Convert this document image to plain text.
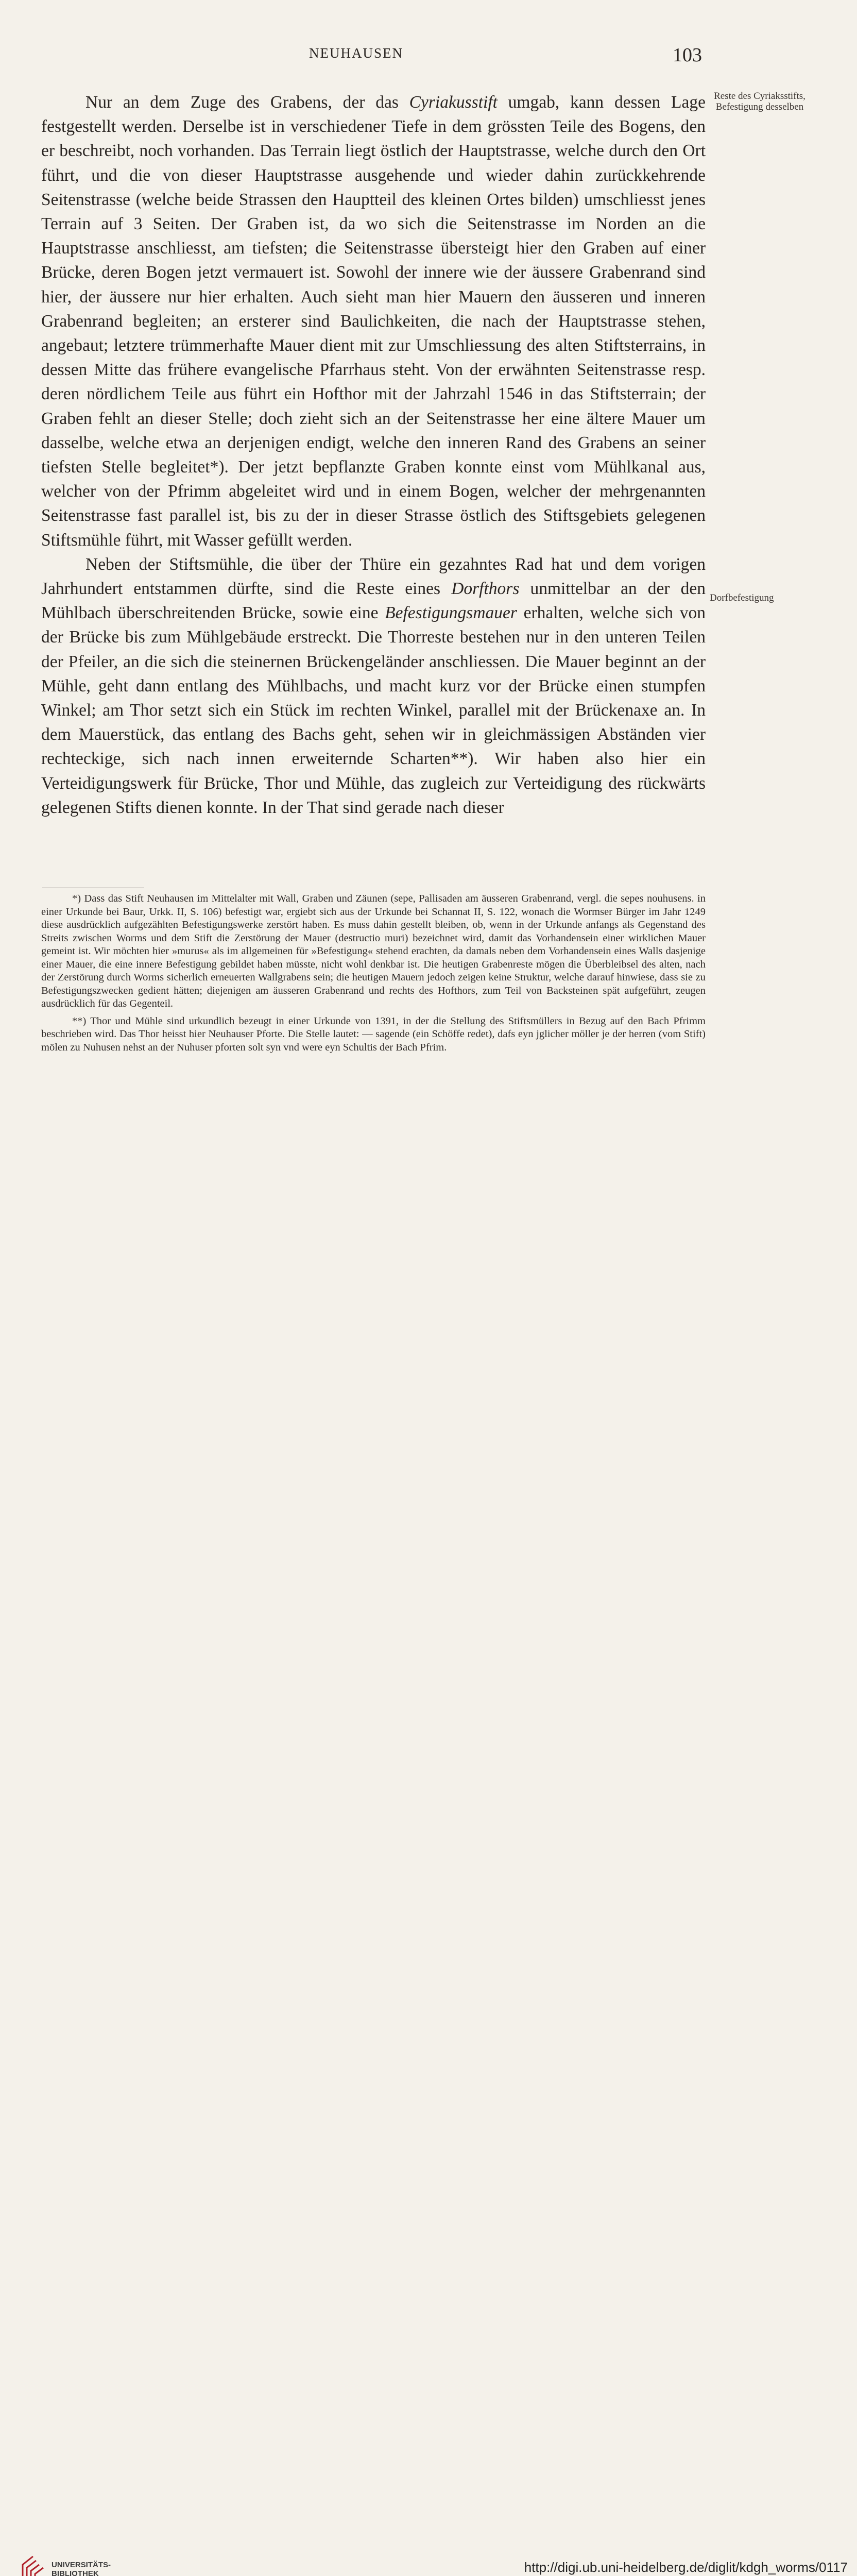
NEUHAUSEN	103
Reste des Cyriaksstifts, Befestigung desselben
Dorfbefestigung

Nur an dem Zuge des Grabens, der das Cyriakusstift umgab, kann dessen Lage festgestellt werden. Derselbe ist in verschiedener Tiefe in dem grössten Teile des Bogens, den er beschreibt, noch vorhanden. Das Terrain liegt östlich der Hauptstrasse, welche durch den Ort führt, und die von dieser Hauptstrasse ausgehende und wieder dahin zurückkehrende Seitenstrasse (welche beide Strassen den Hauptteil des kleinen Ortes bilden) umschliesst jenes Terrain auf 3 Seiten. Der Graben ist, da wo sich die Seitenstrasse im Norden an die Hauptstrasse anschliesst, am tiefsten; die Seitenstrasse übersteigt hier den Graben auf einer Brücke, deren Bogen jetzt vermauert ist. Sowohl der innere wie der äussere Grabenrand sind hier, der äussere nur hier erhalten. Auch sieht man hier Mauern den äusseren und inneren Grabenrand begleiten; an ersterer sind Baulichkeiten, die nach der Hauptstrasse stehen, angebaut; letztere trümmerhafte Mauer dient mit zur Umschliessung des alten Stiftsterrains, in dessen Mitte das frühere evangelische Pfarrhaus steht. Von der erwähnten Seitenstrasse resp. deren nördlichem Teile aus führt ein Hofthor mit der Jahrzahl 1546 in das Stiftsterrain; der Graben fehlt an dieser Stelle; doch zieht sich an der Seitenstrasse her eine ältere Mauer um dasselbe, welche etwa an derjenigen endigt, welche den inneren Rand des Grabens an seiner tiefsten Stelle begleitet*). Der jetzt bepflanzte Graben konnte einst vom Mühlkanal aus, welcher von der Pfrimm abgeleitet wird und in einem Bogen, welcher der mehrgenannten Seitenstrasse fast parallel ist, bis zu der in dieser Strasse östlich des Stiftsgebiets gelegenen Stiftsmühle führt, mit Wasser gefüllt werden.

Neben der Stiftsmühle, die über der Thüre ein gezahntes Rad hat und dem vorigen Jahrhundert entstammen dürfte, sind die Reste eines Dorfthors unmittelbar an der den Mühlbach überschreitenden Brücke, sowie eine Befestigungsmauer erhalten, welche sich von der Brücke bis zum Mühlgebäude erstreckt. Die Thorreste bestehen nur in den unteren Teilen der Pfeiler, an die sich die steinernen Brückengeländer anschliessen. Die Mauer beginnt an der Mühle, geht dann entlang des Mühlbachs, und macht kurz vor der Brücke einen stumpfen Winkel; am Thor setzt sich ein Stück im rechten Winkel, parallel mit der Brückenaxe an. In dem Mauerstück, das entlang des Bachs geht, sehen wir in gleichmässigen Abständen vier rechteckige, sich nach innen erweiternde Scharten**). Wir haben also hier ein Verteidigungswerk für Brücke, Thor und Mühle, das zugleich zur Verteidigung des rückwärts gelegenen Stifts dienen konnte. In der That sind gerade nach dieser

*) Dass das Stift Neuhausen im Mittelalter mit Wall, Graben und Zäunen (sepe, Pallisaden am äusseren Grabenrand, vergl. die sepes nouhusens. in einer Urkunde bei Baur, Urkk. II, S. 106) befestigt war, ergiebt sich aus der Urkunde bei Schannat II, S. 122, wonach die Wormser Bürger im Jahr 1249 diese ausdrücklich aufgezählten Befestigungswerke zerstört haben. Es muss dahin gestellt bleiben, ob, wenn in der Urkunde anfangs als Gegenstand des Streits zwischen Worms und dem Stift die Zerstörung der Mauer (destructio muri) bezeichnet wird, damit das Vorhandensein einer wirklichen Mauer gemeint ist. Wir möchten hier »murus« als im allgemeinen für »Befestigung« stehend erachten, da damals neben dem Vorhandensein eines Walls dasjenige einer Mauer, die eine innere Befestigung gebildet haben müsste, nicht wohl denkbar ist. Die heutigen Grabenreste mögen die Überbleibsel des alten, nach der Zerstörung durch Worms sicherlich erneuerten Wallgrabens sein; die heutigen Mauern jedoch zeigen keine Struktur, welche darauf hinwiese, dass sie zu Befestigungszwecken gedient hätten; diejenigen am äusseren Grabenrand und rechts des Hofthors, zum Teil von Backsteinen spät aufgeführt, zeugen ausdrücklich für das Gegenteil.

**) Thor und Mühle sind urkundlich bezeugt in einer Urkunde von 1391, in der die Stellung des Stiftsmüllers in Bezug auf den Bach Pfrimm beschrieben wird. Das Thor heisst hier Neuhauser Pforte. Die Stelle lautet: — sagende (ein Schöffe redet), dafs eyn jglicher möller je der herren (vom Stift) mölen zu Nuhusen nehst an der Nuhuser pforten solt syn vnd were eyn Schultis der Bach Pfrim.

UNIVERSITÄTS-
BIBLIOTHEK	http://digi.ub.uni-heidelberg.de/diglit/kdgh_worms/0117
